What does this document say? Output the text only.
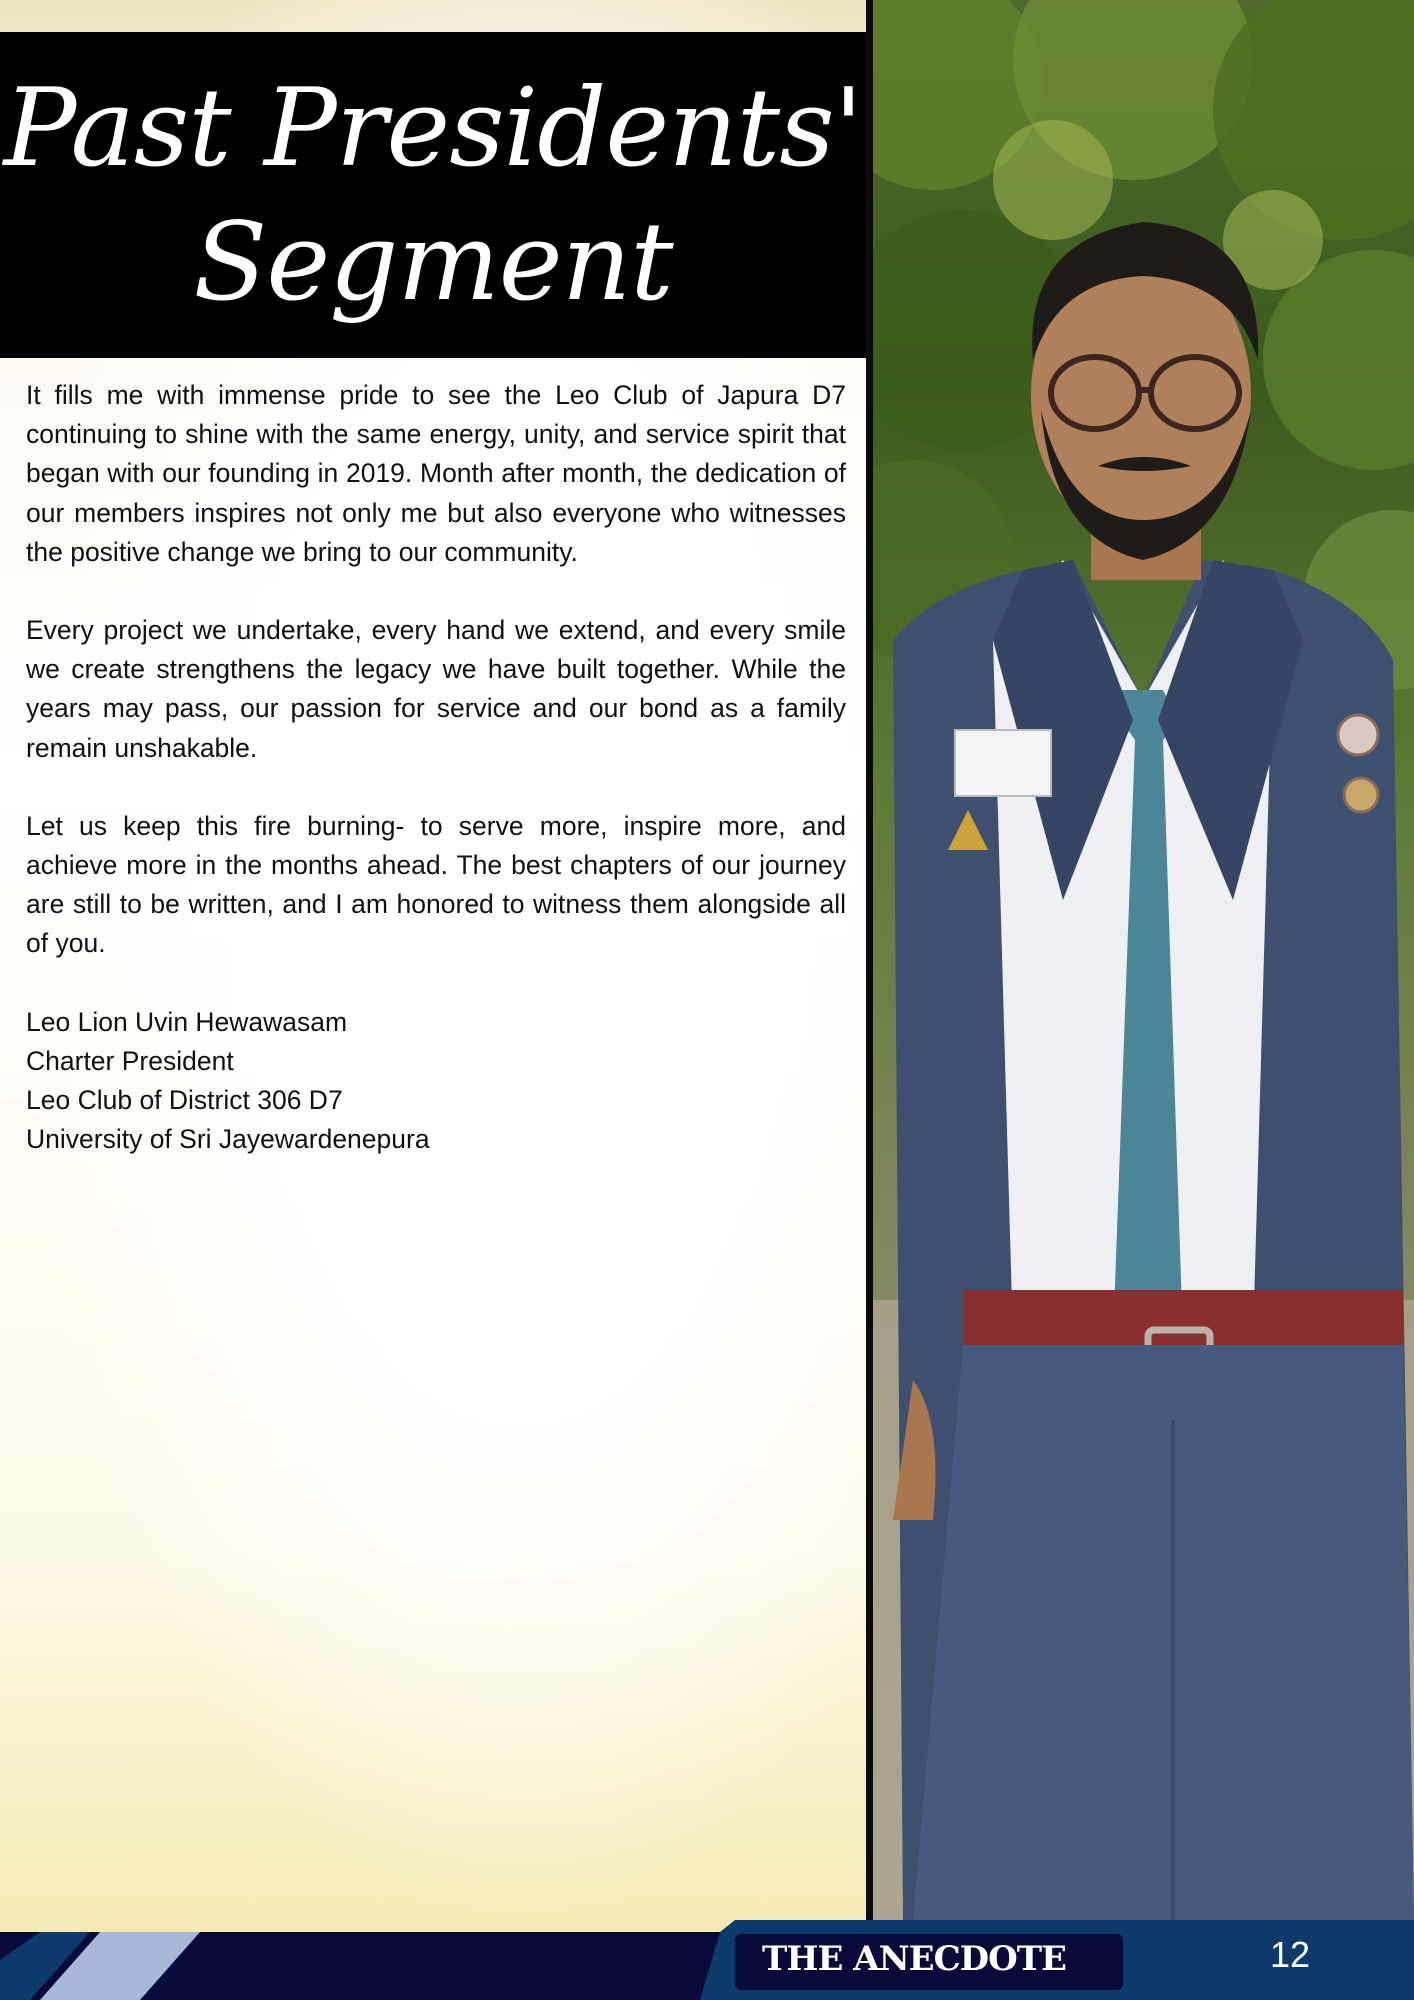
Past Presidents'
Segment

It fills me with immense pride to see the Leo Club of Japura D7 continuing to shine with the same energy, unity, and service spirit that began with our founding in 2019. Month after month, the dedication of our members inspires not only me but also everyone who witnesses the positive change we bring to our community.

Every project we undertake, every hand we extend, and every smile we create strengthens the legacy we have built together. While the years may pass, our passion for service and our bond as a family remain unshakable.

Let us keep this fire burning- to serve more, inspire more, and achieve more in the months ahead. The best chapters of our journey are still to be written, and I am honored to witness them alongside all of you.

Leo Lion Uvin Hewawasam
Charter President
Leo Club of District 306 D7
University of Sri Jayewardenepura
THE ANECDOTE	12
